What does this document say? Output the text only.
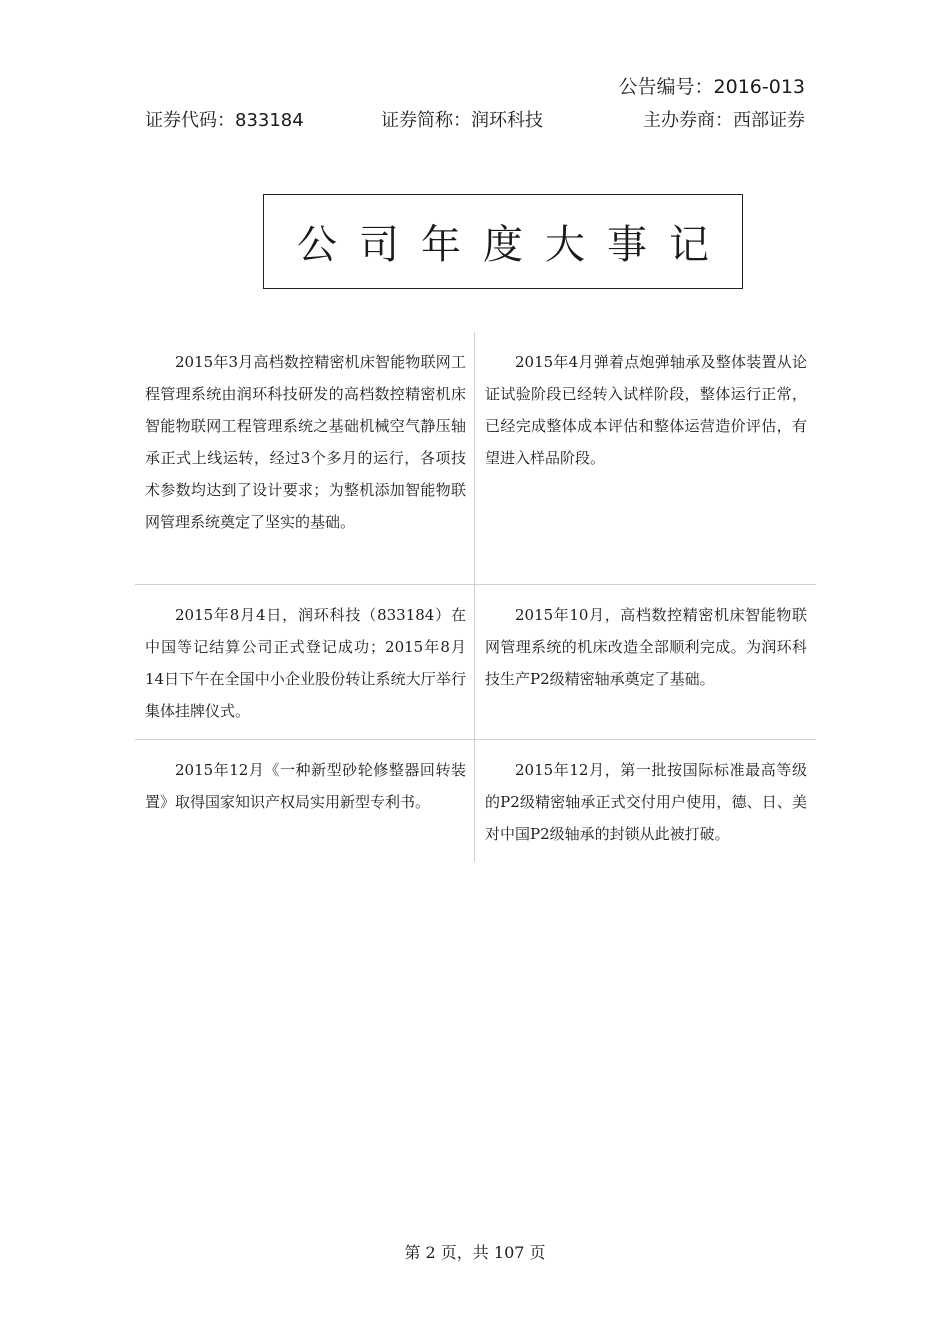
公告编号：2016-013
证券代码：833184	证券简称：润环科技	主办券商：西部证券
公司年度大事记
2015年3月高档数控精密机床智能物联网工程管理系统由润环科技研发的高档数控精密机床智能物联网工程管理系统之基础机械空气静压轴承正式上线运转，经过3个多月的运行，各项技术参数均达到了设计要求；为整机添加智能物联网管理系统奠定了坚实的基础。
2015年4月弹着点炮弹轴承及整体装置从论证试验阶段已经转入试样阶段，整体运行正常，已经完成整体成本评估和整体运营造价评估，有望进入样品阶段。
2015年8月4日，润环科技（833184）在中国等记结算公司正式登记成功；2015年8月14日下午在全国中小企业股份转让系统大厅举行集体挂牌仪式。
2015年10月，高档数控精密机床智能物联网管理系统的机床改造全部顺利完成。为润环科技生产P2级精密轴承奠定了基础。
2015年12月《一种新型砂轮修整器回转装置》取得国家知识产权局实用新型专利书。
2015年12月，第一批按国际标准最高等级的P2级精密轴承正式交付用户使用，德、日、美对中国P2级轴承的封锁从此被打破。
第 2 页，共 107 页
